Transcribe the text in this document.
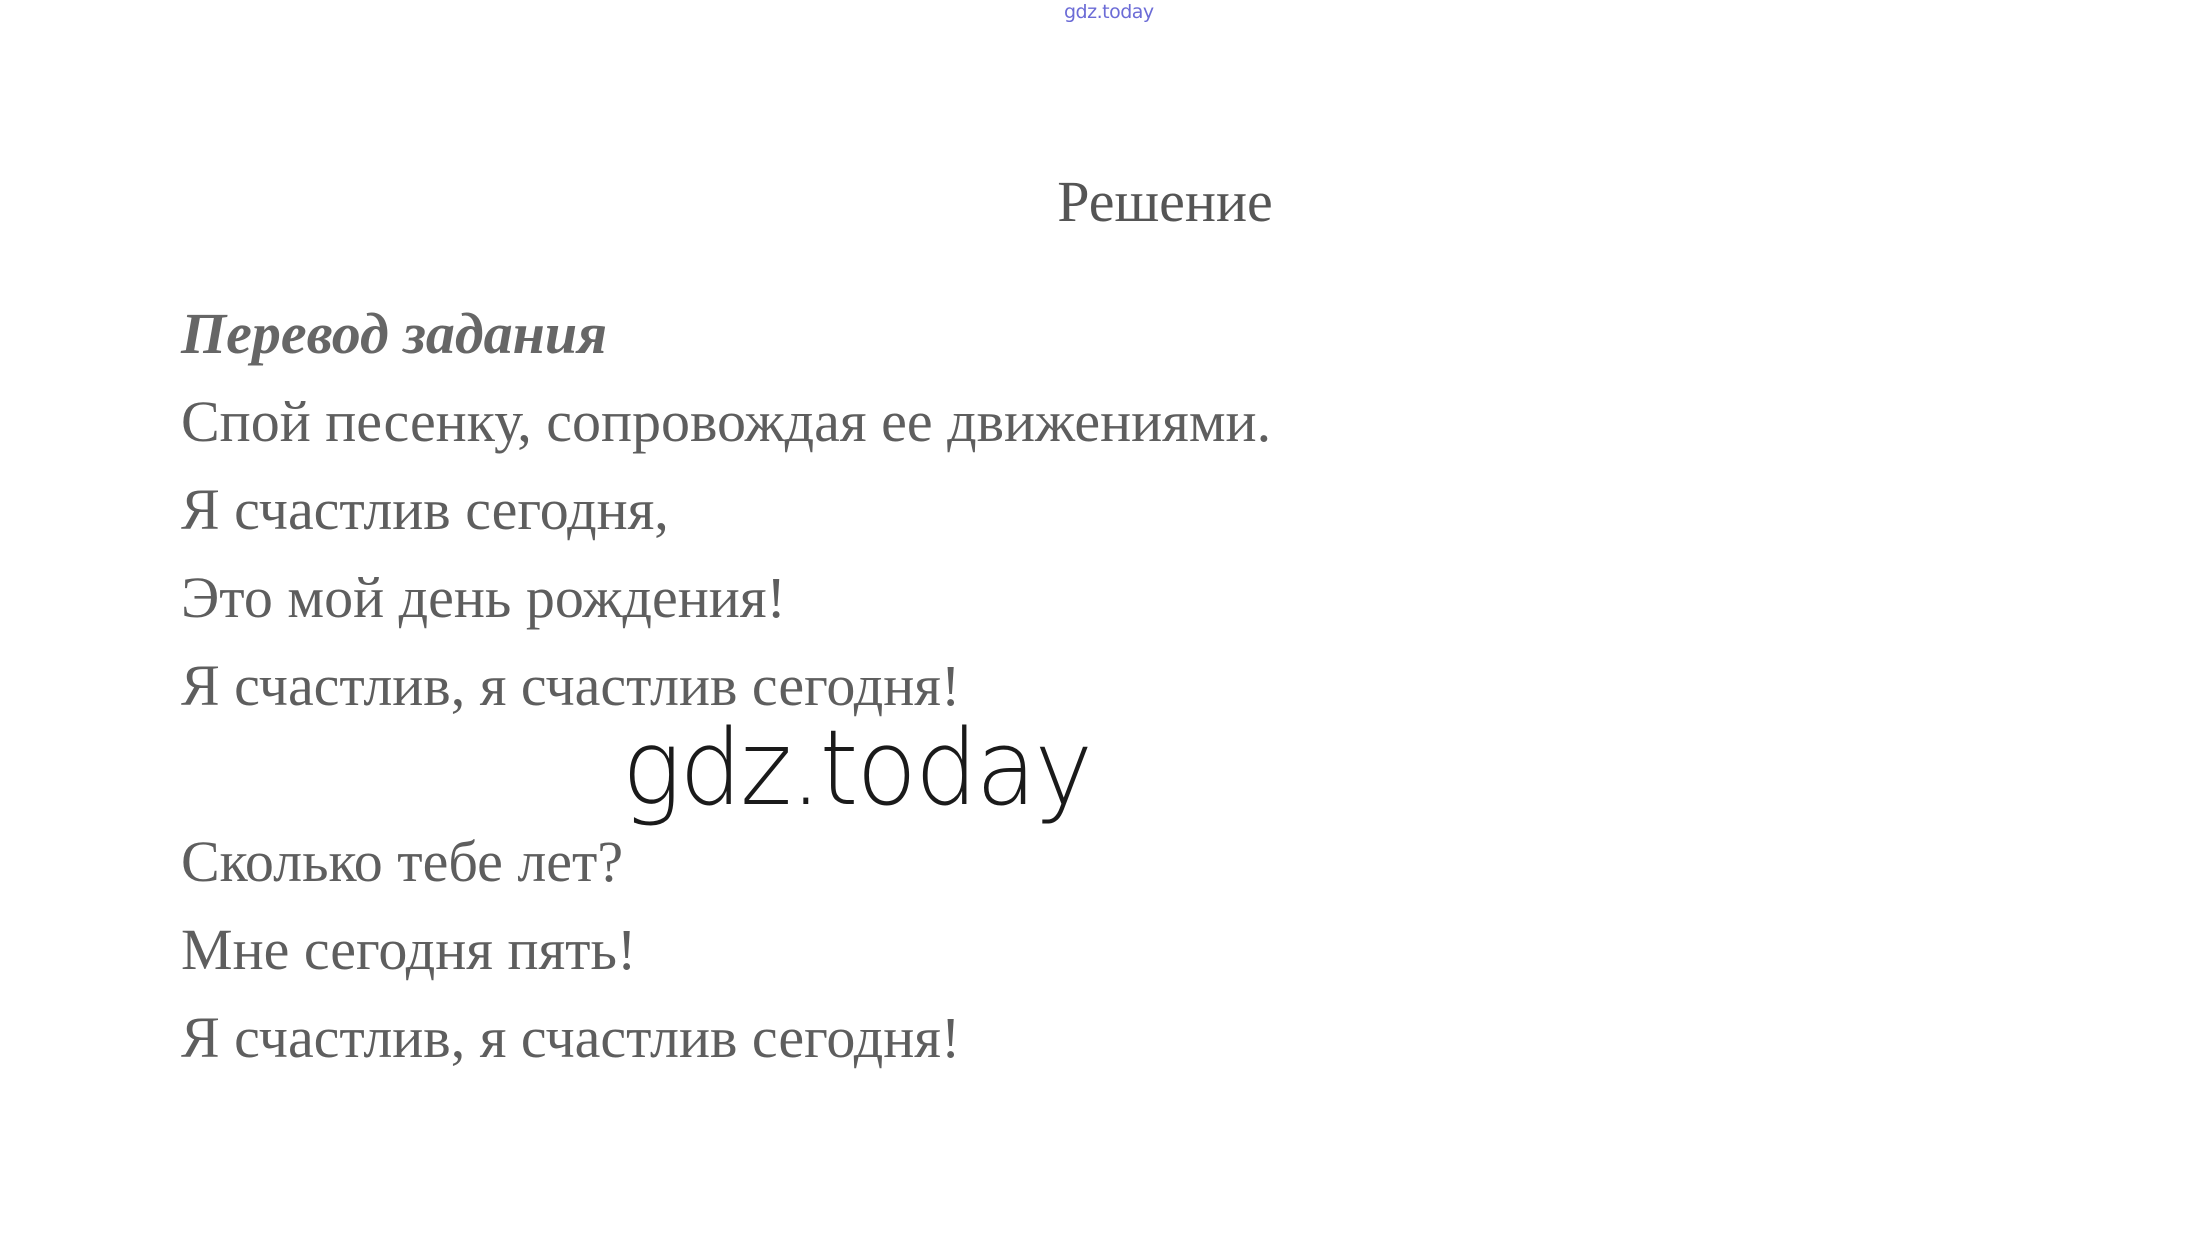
gdz.today
Решение
Перевод задания
Спой песенку, сопровождая ее движениями.
Я счастлив сегодня,
Это мой день рождения!
Я счастлив, я счастлив сегодня!
gdz.today
Сколько тебе лет?
Мне сегодня пять!
Я счастлив, я счастлив сегодня!
